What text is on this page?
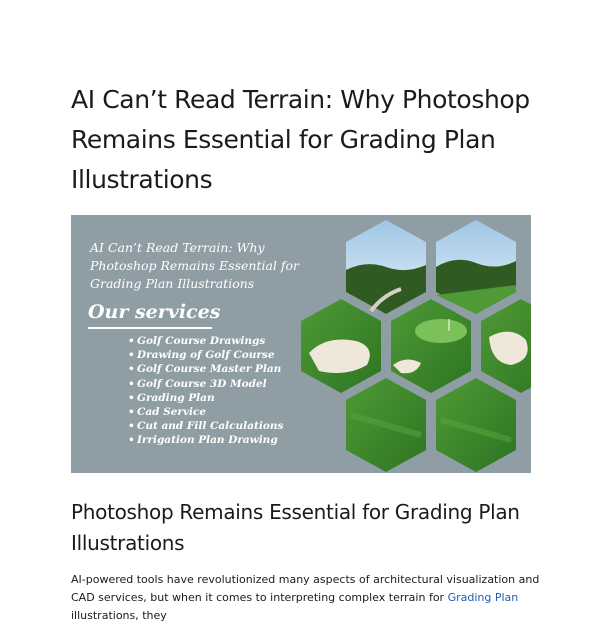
AI Can’t Read Terrain: Why Photoshop Remains Essential for Grading Plan Illustrations

AI Can’t Read Terrain: Why Photoshop Remains Essential for Grading Plan Illustrations

Our services

• Golf Course Drawings
• Drawing of Golf Course
• Golf Course Master Plan
• Golf Course 3D Model
• Grading Plan
• Cad Service
• Cut and Fill Calculations
• Irrigation Plan Drawing
Photoshop Remains Essential for Grading Plan Illustrations

AI-powered tools have revolutionized many aspects of architectural visualization and CAD services, but when it comes to interpreting complex terrain for Grading Plan illustrations, they
